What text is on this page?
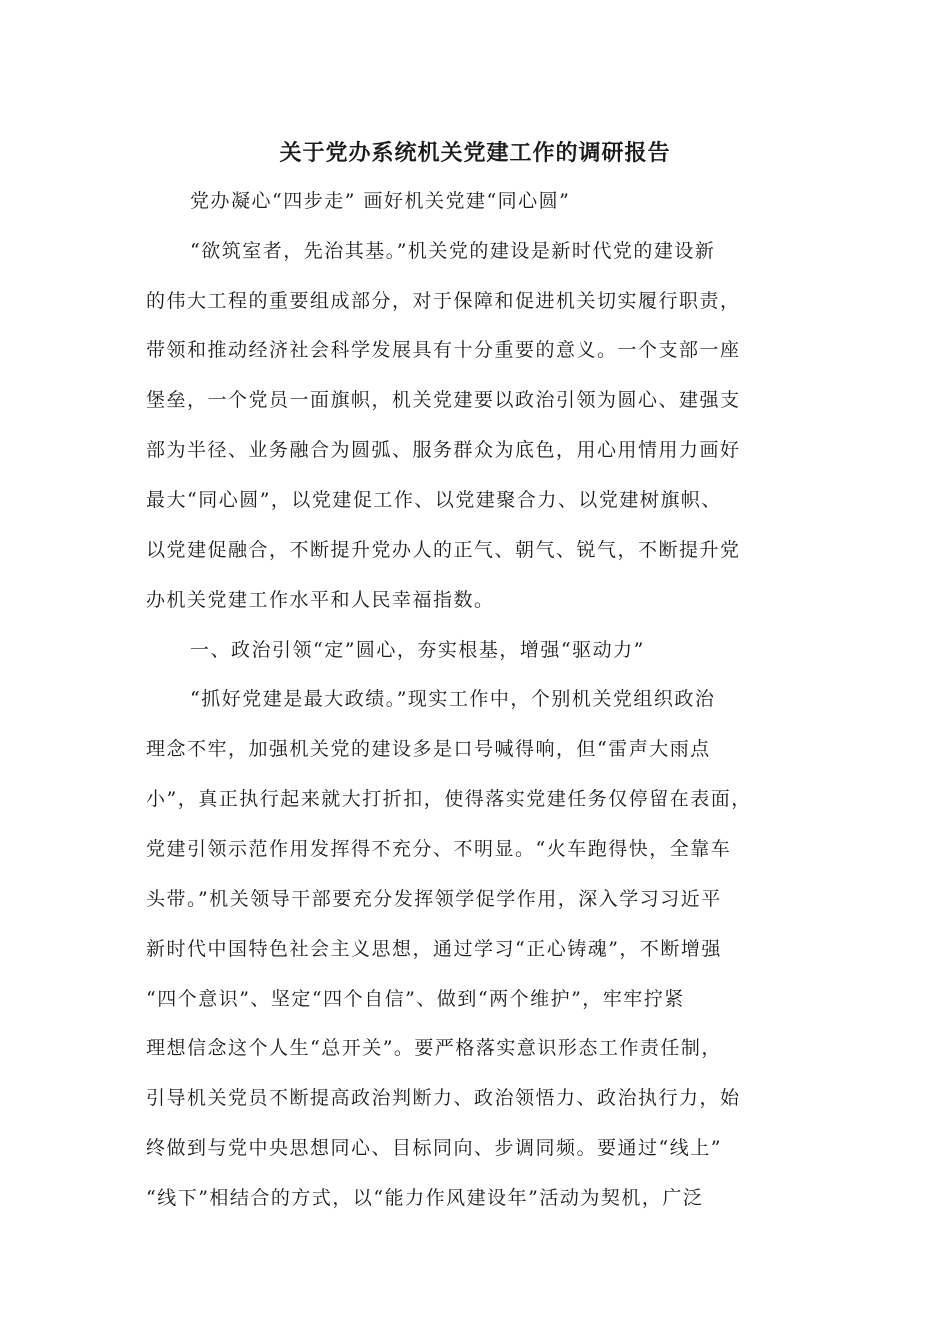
关于党办系统机关党建工作的调研报告
党办凝心“四步走” 画好机关党建“同心圆”
“欲筑室者，先治其基。”机关党的建设是新时代党的建设新
的伟大工程的重要组成部分，对于保障和促进机关切实履行职责，
带领和推动经济社会科学发展具有十分重要的意义。一个支部一座
堡垒，一个党员一面旗帜，机关党建要以政治引领为圆心、建强支
部为半径、业务融合为圆弧、服务群众为底色，用心用情用力画好
最大“同心圆”，以党建促工作、以党建聚合力、以党建树旗帜、
以党建促融合，不断提升党办人的正气、朝气、锐气，不断提升党
办机关党建工作水平和人民幸福指数。
一、政治引领“定”圆心，夯实根基，增强“驱动力”
“抓好党建是最大政绩。”现实工作中，个别机关党组织政治
理念不牢，加强机关党的建设多是口号喊得响，但“雷声大雨点
小”，真正执行起来就大打折扣，使得落实党建任务仅停留在表面，
党建引领示范作用发挥得不充分、不明显。“火车跑得快，全靠车
头带。”机关领导干部要充分发挥领学促学作用，深入学习习近平
新时代中国特色社会主义思想，通过学习“正心铸魂”，不断增强
“四个意识”、坚定“四个自信”、做到“两个维护”，牢牢拧紧
理想信念这个人生“总开关”。要严格落实意识形态工作责任制，
引导机关党员不断提高政治判断力、政治领悟力、政治执行力，始
终做到与党中央思想同心、目标同向、步调同频。要通过“线上”
“线下”相结合的方式，以“能力作风建设年”活动为契机，广泛
